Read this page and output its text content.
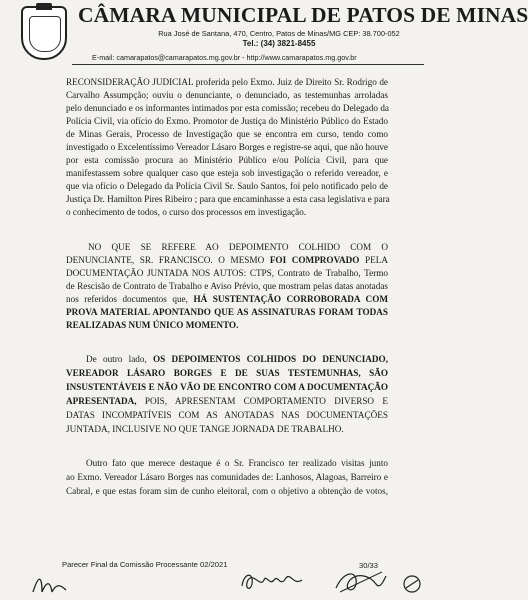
CÂMARA MUNICIPAL DE PATOS DE MINAS
Rua José de Santana, 470, Centro, Patos de Minas/MG CEP: 38.700-052
Tel.: (34) 3821-8455
E-mail: camarapatos@camarapatos.mg.gov.br - http://www.camarapatos.mg.gov.br
RECONSIDERAÇÃO JUDICIAL proferida pelo Exmo. Juiz de Direito Sr. Rodrigo de
Carvalho Assumpção; ouviu o denunciante, o denunciado, as testemunhas arroladas
pelo denunciado e os informantes intimados por esta comissão; recebeu do Delegado da
Polícia Civil, via ofício do Exmo. Promotor de Justiça do Ministério Público do Estado
de Minas Gerais, Processo de Investigação que se encontra em curso, tendo como
investigado o Excelentíssimo Vereador Lásaro Borges e registre-se aqui, que não houve
por esta comissão procura ao Ministério Público e/ou Polícia Civil, para que
manifestassem sobre qualquer caso que esteja sob investigação o referido vereador, e
que via ofício o Delegado da Polícia Civil Sr. Saulo Santos, foi pelo notificado pelo de
Justiça Dr. Hamilton Pires Ribeiro ; para que encaminhasse a esta casa legislativa e para
o conhecimento de todos, o curso dos processos em investigação.
NO QUE SE REFERE AO DEPOIMENTO COLHIDO COM O
DENUNCIANTE, SR. FRANCISCO. O MESMO FOI COMPROVADO PELA
DOCUMENTAÇÃO JUNTADA NOS AUTOS: CTPS, Contrato de Trabalho, Termo
de Rescisão de Contrato de Trabalho e Aviso Prévio, que mostram pelas datas anotadas
nos referidos documentos que, HÁ SUSTENTAÇÃO CORROBORADA COM
PROVA MATERIAL APONTANDO QUE AS ASSINATURAS FORAM TODAS
REALIZADAS NUM ÚNICO MOMENTO.
De outro lado, OS DEPOIMENTOS COLHIDOS DO DENUNCIADO,
VEREADOR LÁSARO BORGES E DE SUAS TESTEMUNHAS, SÃO
INSUSTENTÁVEIS E NÃO VÃO DE ENCONTRO COM A DOCUMENTAÇÃO
APRESENTADA, POIS, APRESENTAM COMPORTAMENTO DIVERSO E
DATAS INCOMPATÍVEIS COM AS ANOTADAS NAS DOCUMENTAÇÕES
JUNTADA, INCLUSIVE NO QUE TANGE JORNADA DE TRABALHO.
Outro fato que merece destaque é o Sr. Francisco ter realizado visitas junto
ao Exmo. Vereador Lásaro Borges nas comunidades de: Lanhosos, Alagoas, Barreiro e
Cabral, e que estas foram sim de cunho eleitoral, com o objetivo a obtenção de votos,
Parecer Final da Comissão Processante 02/2021	30/33
